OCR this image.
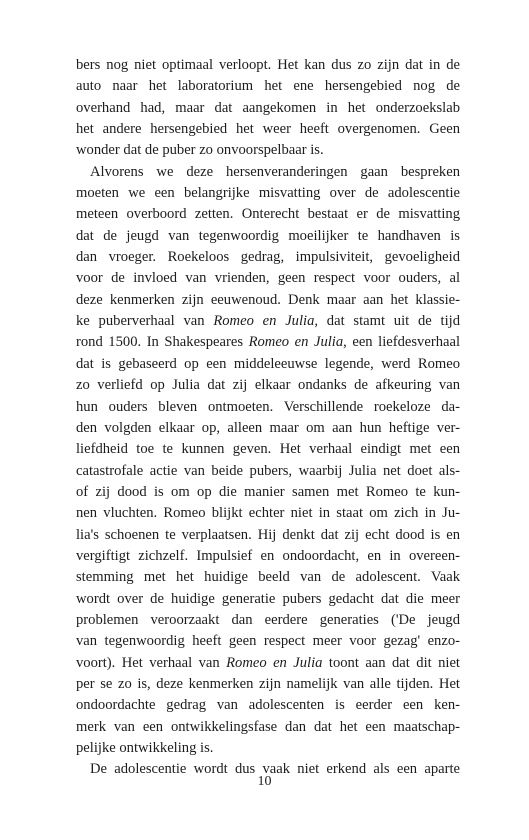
bers nog niet optimaal verloopt. Het kan dus zo zijn dat in de
auto naar het laboratorium het ene hersengebied nog de
overhand had, maar dat aangekomen in het onderzoekslab
het andere hersengebied het weer heeft overgenomen. Geen
wonder dat de puber zo onvoorspelbaar is.
Alvorens we deze hersenveranderingen gaan bespreken
moeten we een belangrijke misvatting over de adolescentie
meteen overboord zetten. Onterecht bestaat er de misvatting
dat de jeugd van tegenwoordig moeilijker te handhaven is
dan vroeger. Roekeloos gedrag, impulsiviteit, gevoeligheid
voor de invloed van vrienden, geen respect voor ouders, al
deze kenmerken zijn eeuwenoud. Denk maar aan het klassie-
ke puberverhaal van Romeo en Julia, dat stamt uit de tijd
rond 1500. In Shakespeares Romeo en Julia, een liefdesverhaal
dat is gebaseerd op een middeleeuwse legende, werd Romeo
zo verliefd op Julia dat zij elkaar ondanks de afkeuring van
hun ouders bleven ontmoeten. Verschillende roekeloze da-
den volgden elkaar op, alleen maar om aan hun heftige ver-
liefdheid toe te kunnen geven. Het verhaal eindigt met een
catastrofale actie van beide pubers, waarbij Julia net doet als-
of zij dood is om op die manier samen met Romeo te kun-
nen vluchten. Romeo blijkt echter niet in staat om zich in Ju-
lia's schoenen te verplaatsen. Hij denkt dat zij echt dood is en
vergiftigt zichzelf. Impulsief en ondoordacht, en in overeen-
stemming met het huidige beeld van de adolescent. Vaak
wordt over de huidige generatie pubers gedacht dat die meer
problemen veroorzaakt dan eerdere generaties ('De jeugd
van tegenwoordig heeft geen respect meer voor gezag' enzo-
voort). Het verhaal van Romeo en Julia toont aan dat dit niet
per se zo is, deze kenmerken zijn namelijk van alle tijden. Het
ondoordachte gedrag van adolescenten is eerder een ken-
merk van een ontwikkelingsfase dan dat het een maatschap-
pelijke ontwikkeling is.
De adolescentie wordt dus vaak niet erkend als een aparte
10
